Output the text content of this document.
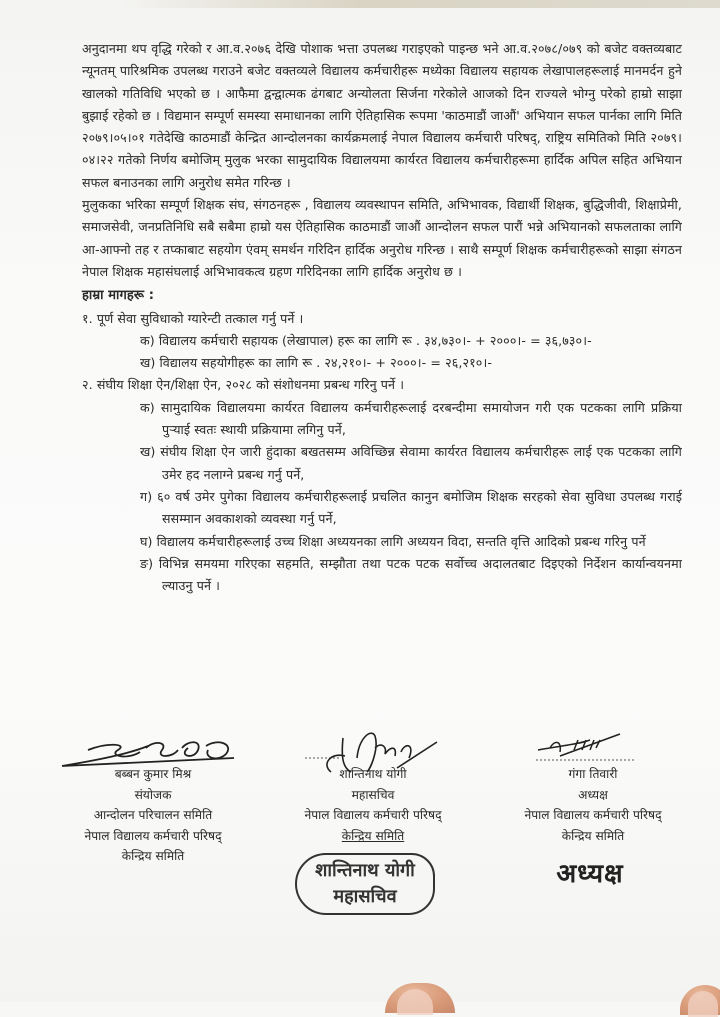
अनुदानमा थप वृद्धि गरेको र आ.व.२०७६ देखि पोशाक भत्ता उपलब्ध गराइएको पाइन्छ भने आ.व.२०७८/०७९ को बजेट वक्तव्यबाट न्यूनतम् पारिश्रमिक उपलब्ध गराउने बजेट वक्तव्यले विद्यालय कर्मचारीहरू मध्येका विद्यालय सहायक लेखापालहरूलाई मानमर्दन हुने खालको गतिविधि भएको छ । आफैमा द्वन्द्वात्मक ढंगबाट अन्योलता सिर्जना गरेकोले आजको दिन राज्यले भोग्नु परेको हाम्रो साझा बुझाई रहेको छ । विद्यमान सम्पूर्ण समस्या समाधानका लागि ऐतिहासिक रूपमा 'काठमाडौं जाऔं' अभियान सफल पार्नका लागि मिति २०७९।०५।०१ गतेदेखि काठमाडौं केन्द्रित आन्दोलनका कार्यक्रमलाई नेपाल विद्यालय कर्मचारी परिषद्, राष्ट्रिय समितिको मिति २०७९।०४।२२ गतेको निर्णय बमोजिम् मुलुक भरका सामुदायिक विद्यालयमा कार्यरत विद्यालय कर्मचारीहरूमा हार्दिक अपिल सहित अभियान सफल बनाउनका लागि अनुरोध समेत गरिन्छ ।

मुलुकका भरिका सम्पूर्ण शिक्षक संघ, संगठनहरू , विद्यालय व्यवस्थापन समिति, अभिभावक, विद्यार्थी शिक्षक, बुद्धिजीवी, शिक्षाप्रेमी, समाजसेवी, जनप्रतिनिधि सबै सबैमा हाम्रो यस ऐतिहासिक काठमाडौं जाऔं आन्दोलन सफल पारौं भन्ने अभियानको सफलताका लागि आ-आफ्नो तह र तप्काबाट सहयोग एंवम् समर्थन गरिदिन हार्दिक अनुरोध गरिन्छ । साथै सम्पूर्ण शिक्षक कर्मचारीहरूको साझा संगठन नेपाल शिक्षक महासंघलाई अभिभावकत्व ग्रहण गरिदिनका लागि हार्दिक अनुरोध छ ।

हाम्रा मागहरू :
१. पूर्ण सेवा सुविधाको ग्यारेन्टी तत्काल गर्नु पर्ने ।
क) विद्यालय कर्मचारी सहायक (लेखापाल) हरू का लागि रू . ३४,७३०।- + २०००।- = ३६,७३०।-
ख) विद्यालय सहयोगीहरू का लागि रू . २४,२१०।- + २०००।- = २६,२१०।-
२. संघीय शिक्षा ऐन/शिक्षा ऐन, २०२८ को संशोधनमा प्रबन्ध गरिनु पर्ने ।
क) सामुदायिक विद्यालयमा कार्यरत विद्यालय कर्मचारीहरूलाई दरबन्दीमा समायोजन गरी एक पटकका लागि प्रक्रिया पुऱ्याई स्वतः स्थायी प्रक्रियामा लगिनु पर्ने,
ख) संघीय शिक्षा ऐन जारी हुंदाका बखतसम्म अविच्छिन्न सेवामा कार्यरत विद्यालय कर्मचारीहरू लाई एक पटकका लागि उमेर हद नलाग्ने प्रबन्ध गर्नु पर्ने,
ग) ६० वर्ष उमेर पुगेका विद्यालय कर्मचारीहरूलाई प्रचलित कानुन बमोजिम शिक्षक सरहको सेवा सुविधा उपलब्ध गराई ससम्मान अवकाशको व्यवस्था गर्नु पर्ने,
घ) विद्यालय कर्मचारीहरूलाई उच्च शिक्षा अध्ययनका लागि अध्ययन विदा, सन्तति वृत्ति आदिको प्रबन्ध गरिनु पर्ने
ङ) विभिन्न समयमा गरिएका सहमति, सम्झौता तथा पटक पटक सर्वोच्च अदालतबाट दिइएको निर्देशन कार्यान्वयनमा ल्याउनु पर्ने ।
बब्बन कुमार मिश्र
संयोजक
आन्दोलन परिचालन समिति
नेपाल विद्यालय कर्मचारी परिषद्
केन्द्रिय समिति
शान्तिनाथ योगी
महासचिव
नेपाल विद्यालय कर्मचारी परिषद्
केन्द्रिय समिति
शान्तिनाथ योगी
महासचिव
गंगा तिवारी
अध्यक्ष
नेपाल विद्यालय कर्मचारी परिषद्
केन्द्रिय समिति
अध्यक्ष
